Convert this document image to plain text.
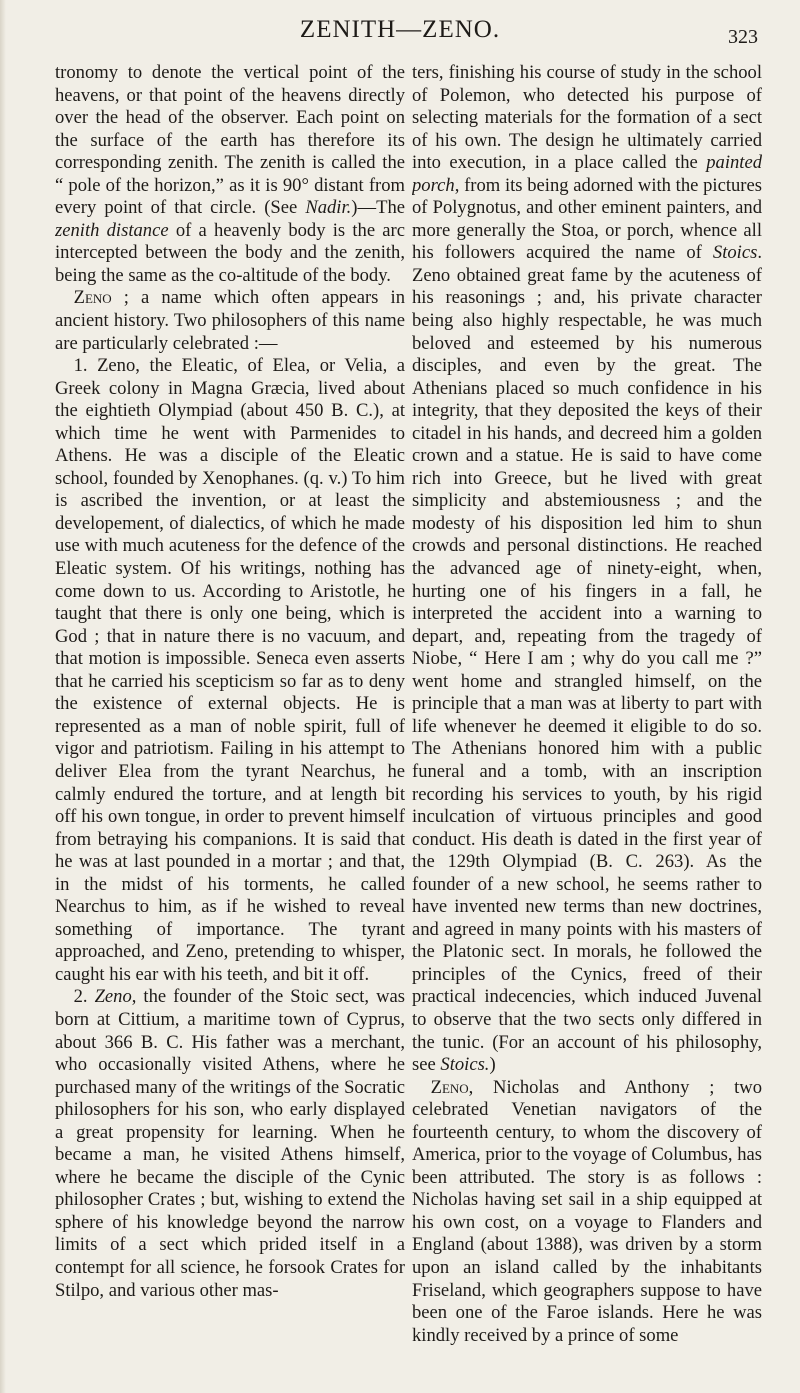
ZENITH—ZENO.	323

tronomy to denote the vertical point of the heavens, or that point of the heavens directly over the head of the observer. Each point on the surface of the earth has therefore its corresponding zenith. The zenith is called the “ pole of the horizon,” as it is 90° distant from every point of that circle. (See Nadir.)—The zenith distance of a heavenly body is the arc intercepted between the body and the zenith, being the same as the co-altitude of the body.

 Zeno ; a name which often appears in ancient history. Two philosophers of this name are particularly celebrated :—

 1. Zeno, the Eleatic, of Elea, or Velia, a Greek colony in Magna Græcia, lived about the eightieth Olympiad (about 450 B. C.), at which time he went with Parmenides to Athens. He was a disciple of the Eleatic school, founded by Xenophanes. (q. v.) To him is ascribed the invention, or at least the developement, of dialectics, of which he made use with much acuteness for the defence of the Eleatic system. Of his writings, nothing has come down to us. According to Aristotle, he taught that there is only one being, which is God ; that in nature there is no vacuum, and that motion is impossible. Seneca even asserts that he carried his scepticism so far as to deny the existence of external objects. He is represented as a man of noble spirit, full of vigor and patriotism. Failing in his attempt to deliver Elea from the tyrant Nearchus, he calmly endured the torture, and at length bit off his own tongue, in order to prevent himself from betraying his companions. It is said that he was at last pounded in a mortar ; and that, in the midst of his torments, he called Nearchus to him, as if he wished to reveal something of importance. The tyrant approached, and Zeno, pretending to whisper, caught his ear with his teeth, and bit it off.

 2. Zeno, the founder of the Stoic sect, was born at Cittium, a maritime town of Cyprus, about 366 B. C. His father was a merchant, who occasionally visited Athens, where he purchased many of the writings of the Socratic philosophers for his son, who early displayed a great propensity for learning. When he became a man, he visited Athens himself, where he became the disciple of the Cynic philosopher Crates ; but, wishing to extend the sphere of his knowledge beyond the narrow limits of a sect which prided itself in a contempt for all science, he forsook Crates for Stilpo, and various other mas-

ters, finishing his course of study in the school of Polemon, who detected his purpose of selecting materials for the formation of a sect of his own. The design he ultimately carried into execution, in a place called the painted porch, from its being adorned with the pictures of Polygnotus, and other eminent painters, and more generally the Stoa, or porch, whence all his followers acquired the name of Stoics. Zeno obtained great fame by the acuteness of his reasonings ; and, his private character being also highly respectable, he was much beloved and esteemed by his numerous disciples, and even by the great. The Athenians placed so much confidence in his integrity, that they deposited the keys of their citadel in his hands, and decreed him a golden crown and a statue. He is said to have come rich into Greece, but he lived with great simplicity and abstemiousness ; and the modesty of his disposition led him to shun crowds and personal distinctions. He reached the advanced age of ninety-eight, when, hurting one of his fingers in a fall, he interpreted the accident into a warning to depart, and, repeating from the tragedy of Niobe, “ Here I am ; why do you call me ?” went home and strangled himself, on the principle that a man was at liberty to part with life whenever he deemed it eligible to do so. The Athenians honored him with a public funeral and a tomb, with an inscription recording his services to youth, by his rigid inculcation of virtuous principles and good conduct. His death is dated in the first year of the 129th Olympiad (B. C. 263). As the founder of a new school, he seems rather to have invented new terms than new doctrines, and agreed in many points with his masters of the Platonic sect. In morals, he followed the principles of the Cynics, freed of their practical indecencies, which induced Juvenal to observe that the two sects only differed in the tunic. (For an account of his philosophy, see Stoics.)

 Zeno, Nicholas and Anthony ; two celebrated Venetian navigators of the fourteenth century, to whom the discovery of America, prior to the voyage of Columbus, has been attributed. The story is as follows : Nicholas having set sail in a ship equipped at his own cost, on a voyage to Flanders and England (about 1388), was driven by a storm upon an island called by the inhabitants Friseland, which geographers suppose to have been one of the Faroe islands. Here he was kindly received by a prince of some
